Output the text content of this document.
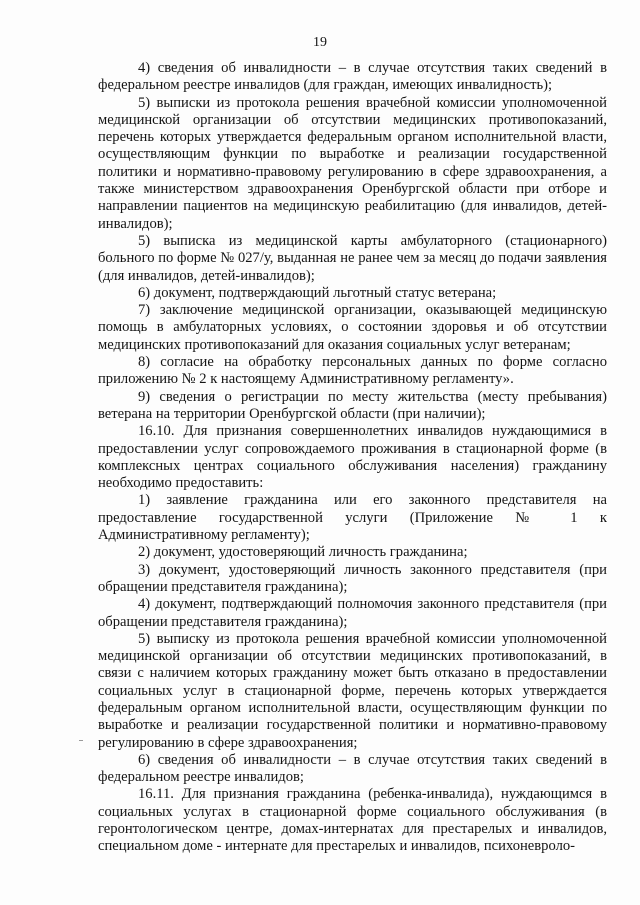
19

4) сведения об инвалидности – в случае отсутствия таких сведений в федеральном реестре инвалидов (для граждан, имеющих инвалидность);

5) выписки из протокола решения врачебной комиссии уполномоченной медицинской организации об отсутствии медицинских противопоказаний, перечень которых утверждается федеральным органом исполнительной власти, осуществляющим функции по выработке и реализации государственной политики и нормативно-правовому регулированию в сфере здравоохранения, а также министерством здравоохранения Оренбургской области при отборе и направлении пациентов на медицинскую реабилитацию (для инвалидов, детей-инвалидов);

5) выписка из медицинской карты амбулаторного (стационарного) больного по форме № 027/у, выданная не ранее чем за месяц до подачи заявления (для инвалидов, детей-инвалидов);

6) документ, подтверждающий льготный статус ветерана;

7) заключение медицинской организации, оказывающей медицинскую помощь в амбулаторных условиях, о состоянии здоровья и об отсутствии медицинских противопоказаний для оказания социальных услуг ветеранам;

8) согласие на обработку персональных данных по форме согласно приложению № 2 к настоящему Административному регламенту».

9) сведения о регистрации по месту жительства (месту пребывания) ветерана на территории Оренбургской области (при наличии);

16.10. Для признания совершеннолетних инвалидов нуждающимися в предоставлении услуг сопровождаемого проживания в стационарной форме (в комплексных центрах социального обслуживания населения) гражданину необходимо предоставить:

1) заявление гражданина или его законного представителя на предоставление государственной услуги (Приложение № 1 к Административному регламенту);

2) документ, удостоверяющий личность гражданина;

3) документ, удостоверяющий личность законного представителя (при обращении представителя гражданина);

4) документ, подтверждающий полномочия законного представителя (при обращении представителя гражданина);

5) выписку из протокола решения врачебной комиссии уполномоченной медицинской организации об отсутствии медицинских противопоказаний, в связи с наличием которых гражданину может быть отказано в предоставлении социальных услуг в стационарной форме, перечень которых утверждается федеральным органом исполнительной власти, осуществляющим функции по выработке и реализации государственной политики и нормативно-правовому регулированию в сфере здравоохранения;

6) сведения об инвалидности – в случае отсутствия таких сведений в федеральном реестре инвалидов;

16.11. Для признания гражданина (ребенка-инвалида), нуждающимся в социальных услугах в стационарной форме социального обслуживания (в геронтологическом центре, домах-интернатах для престарелых и инвалидов, специальном доме - интернате для престарелых и инвалидов, психоневроло-
